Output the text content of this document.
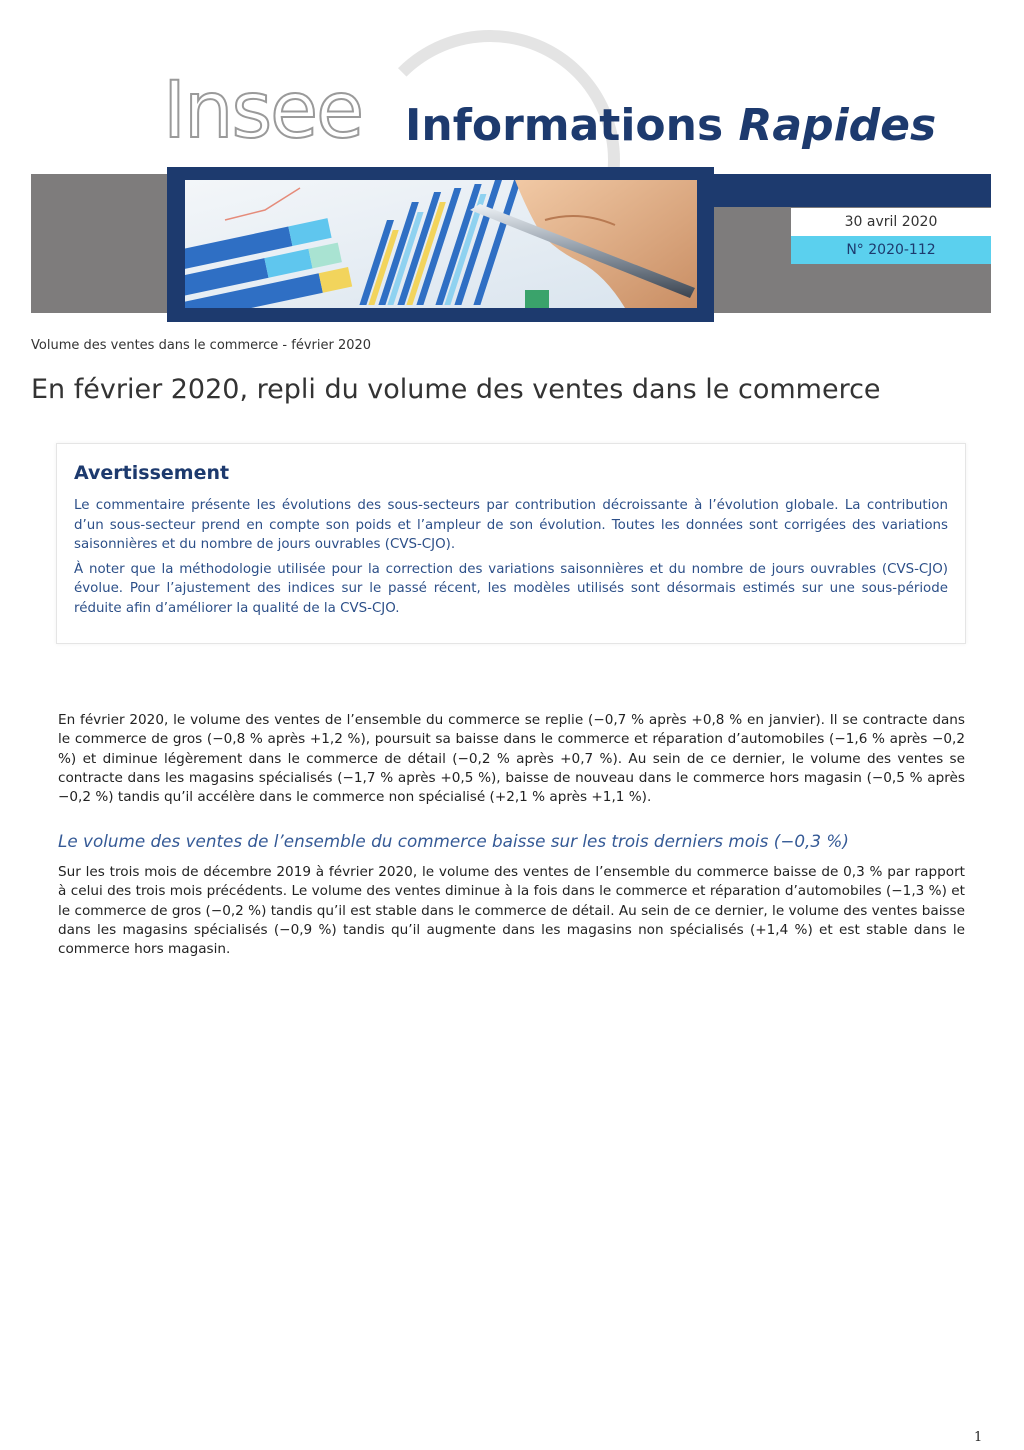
Insee Informations Rapides
30 avril 2020
N° 2020-112
Volume des ventes dans le commerce - février 2020
En février 2020, repli du volume des ventes dans le commerce
Avertissement

Le commentaire présente les évolutions des sous-secteurs par contribution décroissante à l’évolution globale. La contribution d’un sous-secteur prend en compte son poids et l’ampleur de son évolution. Toutes les données sont corrigées des variations saisonnières et du nombre de jours ouvrables (CVS-CJO).

À noter que la méthodologie utilisée pour la correction des variations saisonnières et du nombre de jours ouvrables (CVS-CJO) évolue. Pour l’ajustement des indices sur le passé récent, les modèles utilisés sont désormais estimés sur une sous-période réduite afin d’améliorer la qualité de la CVS-CJO.

En février 2020, le volume des ventes de l’ensemble du commerce se replie (−0,7 % après +0,8 % en janvier). Il se contracte dans le commerce de gros (−0,8 % après +1,2 %), poursuit sa baisse dans le commerce et réparation d’automobiles (−1,6 % après −0,2 %) et diminue légèrement dans le commerce de détail (−0,2 % après +0,7 %). Au sein de ce dernier, le volume des ventes se contracte dans les magasins spécialisés (−1,7 % après +0,5 %), baisse de nouveau dans le commerce hors magasin (−0,5 % après −0,2 %) tandis qu’il accélère dans le commerce non spécialisé (+2,1 % après +1,1 %).

Le volume des ventes de l’ensemble du commerce baisse sur les trois derniers mois (−0,3 %)

Sur les trois mois de décembre 2019 à février 2020, le volume des ventes de l’ensemble du commerce baisse de 0,3 % par rapport à celui des trois mois précédents. Le volume des ventes diminue à la fois dans le commerce et réparation d’automobiles (−1,3 %) et le commerce de gros (−0,2 %) tandis qu’il est stable dans le commerce de détail. Au sein de ce dernier, le volume des ventes baisse dans les magasins spécialisés (−0,9 %) tandis qu’il augmente dans les magasins non spécialisés (+1,4 %) et est stable dans le commerce hors magasin.

1
